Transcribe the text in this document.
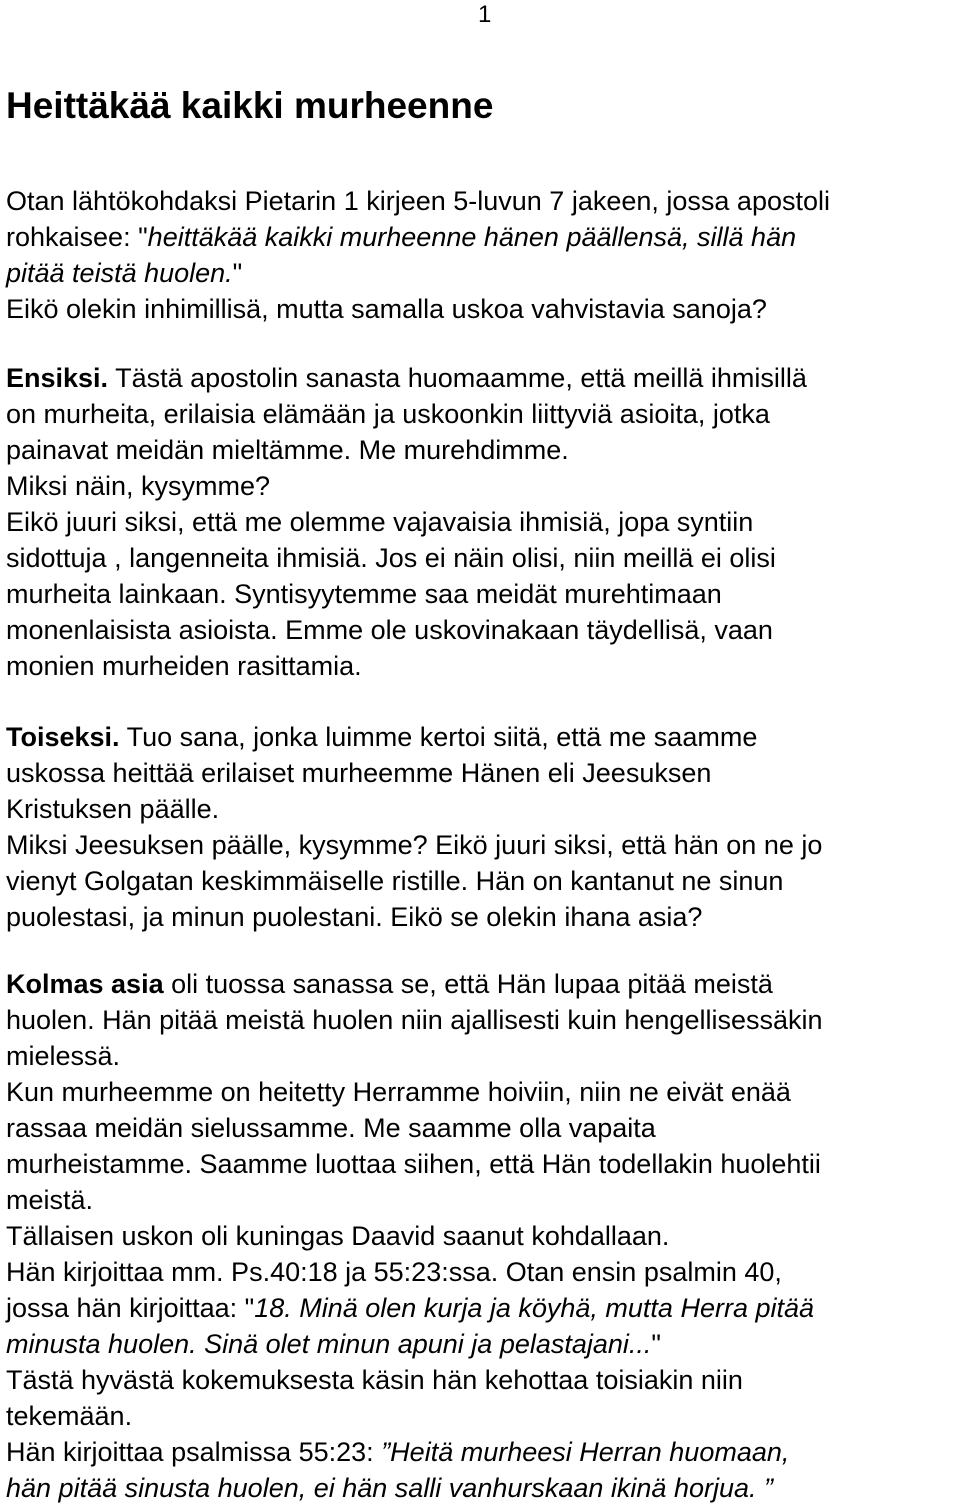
1
Heittäkää kaikki murheenne
Otan lähtökohdaksi Pietarin 1 kirjeen 5-luvun 7 jakeen, jossa apostoli
rohkaisee: "heittäkää kaikki murheenne hänen päällensä, sillä hän
pitää teistä huolen."
Eikö olekin inhimillisä, mutta samalla uskoa vahvistavia sanoja?
Ensiksi. Tästä apostolin sanasta huomaamme, että meillä ihmisillä
on murheita, erilaisia elämään ja uskoonkin liittyviä asioita, jotka
painavat meidän mieltämme. Me murehdimme.
Miksi näin, kysymme?
Eikö juuri siksi, että me olemme vajavaisia ihmisiä, jopa syntiin
sidottuja , langenneita ihmisiä. Jos ei näin olisi, niin meillä ei olisi
murheita lainkaan. Syntisyytemme saa meidät murehtimaan
monenlaisista asioista. Emme ole uskovinakaan täydellisä, vaan
monien murheiden rasittamia.
Toiseksi. Tuo sana, jonka luimme kertoi siitä, että me saamme
uskossa heittää erilaiset murheemme Hänen eli Jeesuksen
Kristuksen päälle.
Miksi Jeesuksen päälle, kysymme? Eikö juuri siksi, että hän on ne jo
vienyt Golgatan keskimmäiselle ristille. Hän on kantanut ne sinun
puolestasi, ja minun puolestani. Eikö se olekin ihana asia?
Kolmas asia oli tuossa sanassa se, että Hän lupaa pitää meistä
huolen. Hän pitää meistä huolen niin ajallisesti kuin hengellisessäkin
mielessä.
Kun murheemme on heitetty Herramme hoiviin, niin ne eivät enää
rassaa meidän sielussamme. Me saamme olla vapaita
murheistamme. Saamme luottaa siihen, että Hän todellakin huolehtii
meistä.
Tällaisen uskon oli kuningas Daavid saanut kohdallaan.
Hän kirjoittaa mm. Ps.40:18 ja 55:23:ssa. Otan ensin psalmin 40,
jossa hän kirjoittaa: "18. Minä olen kurja ja köyhä, mutta Herra pitää
minusta huolen. Sinä olet minun apuni ja pelastajani..."
Tästä hyvästä kokemuksesta käsin hän kehottaa toisiakin niin
tekemään.
Hän kirjoittaa psalmissa 55:23: ”Heitä murheesi Herran huomaan,
hän pitää sinusta huolen, ei hän salli vanhurskaan ikinä horjua. ”
